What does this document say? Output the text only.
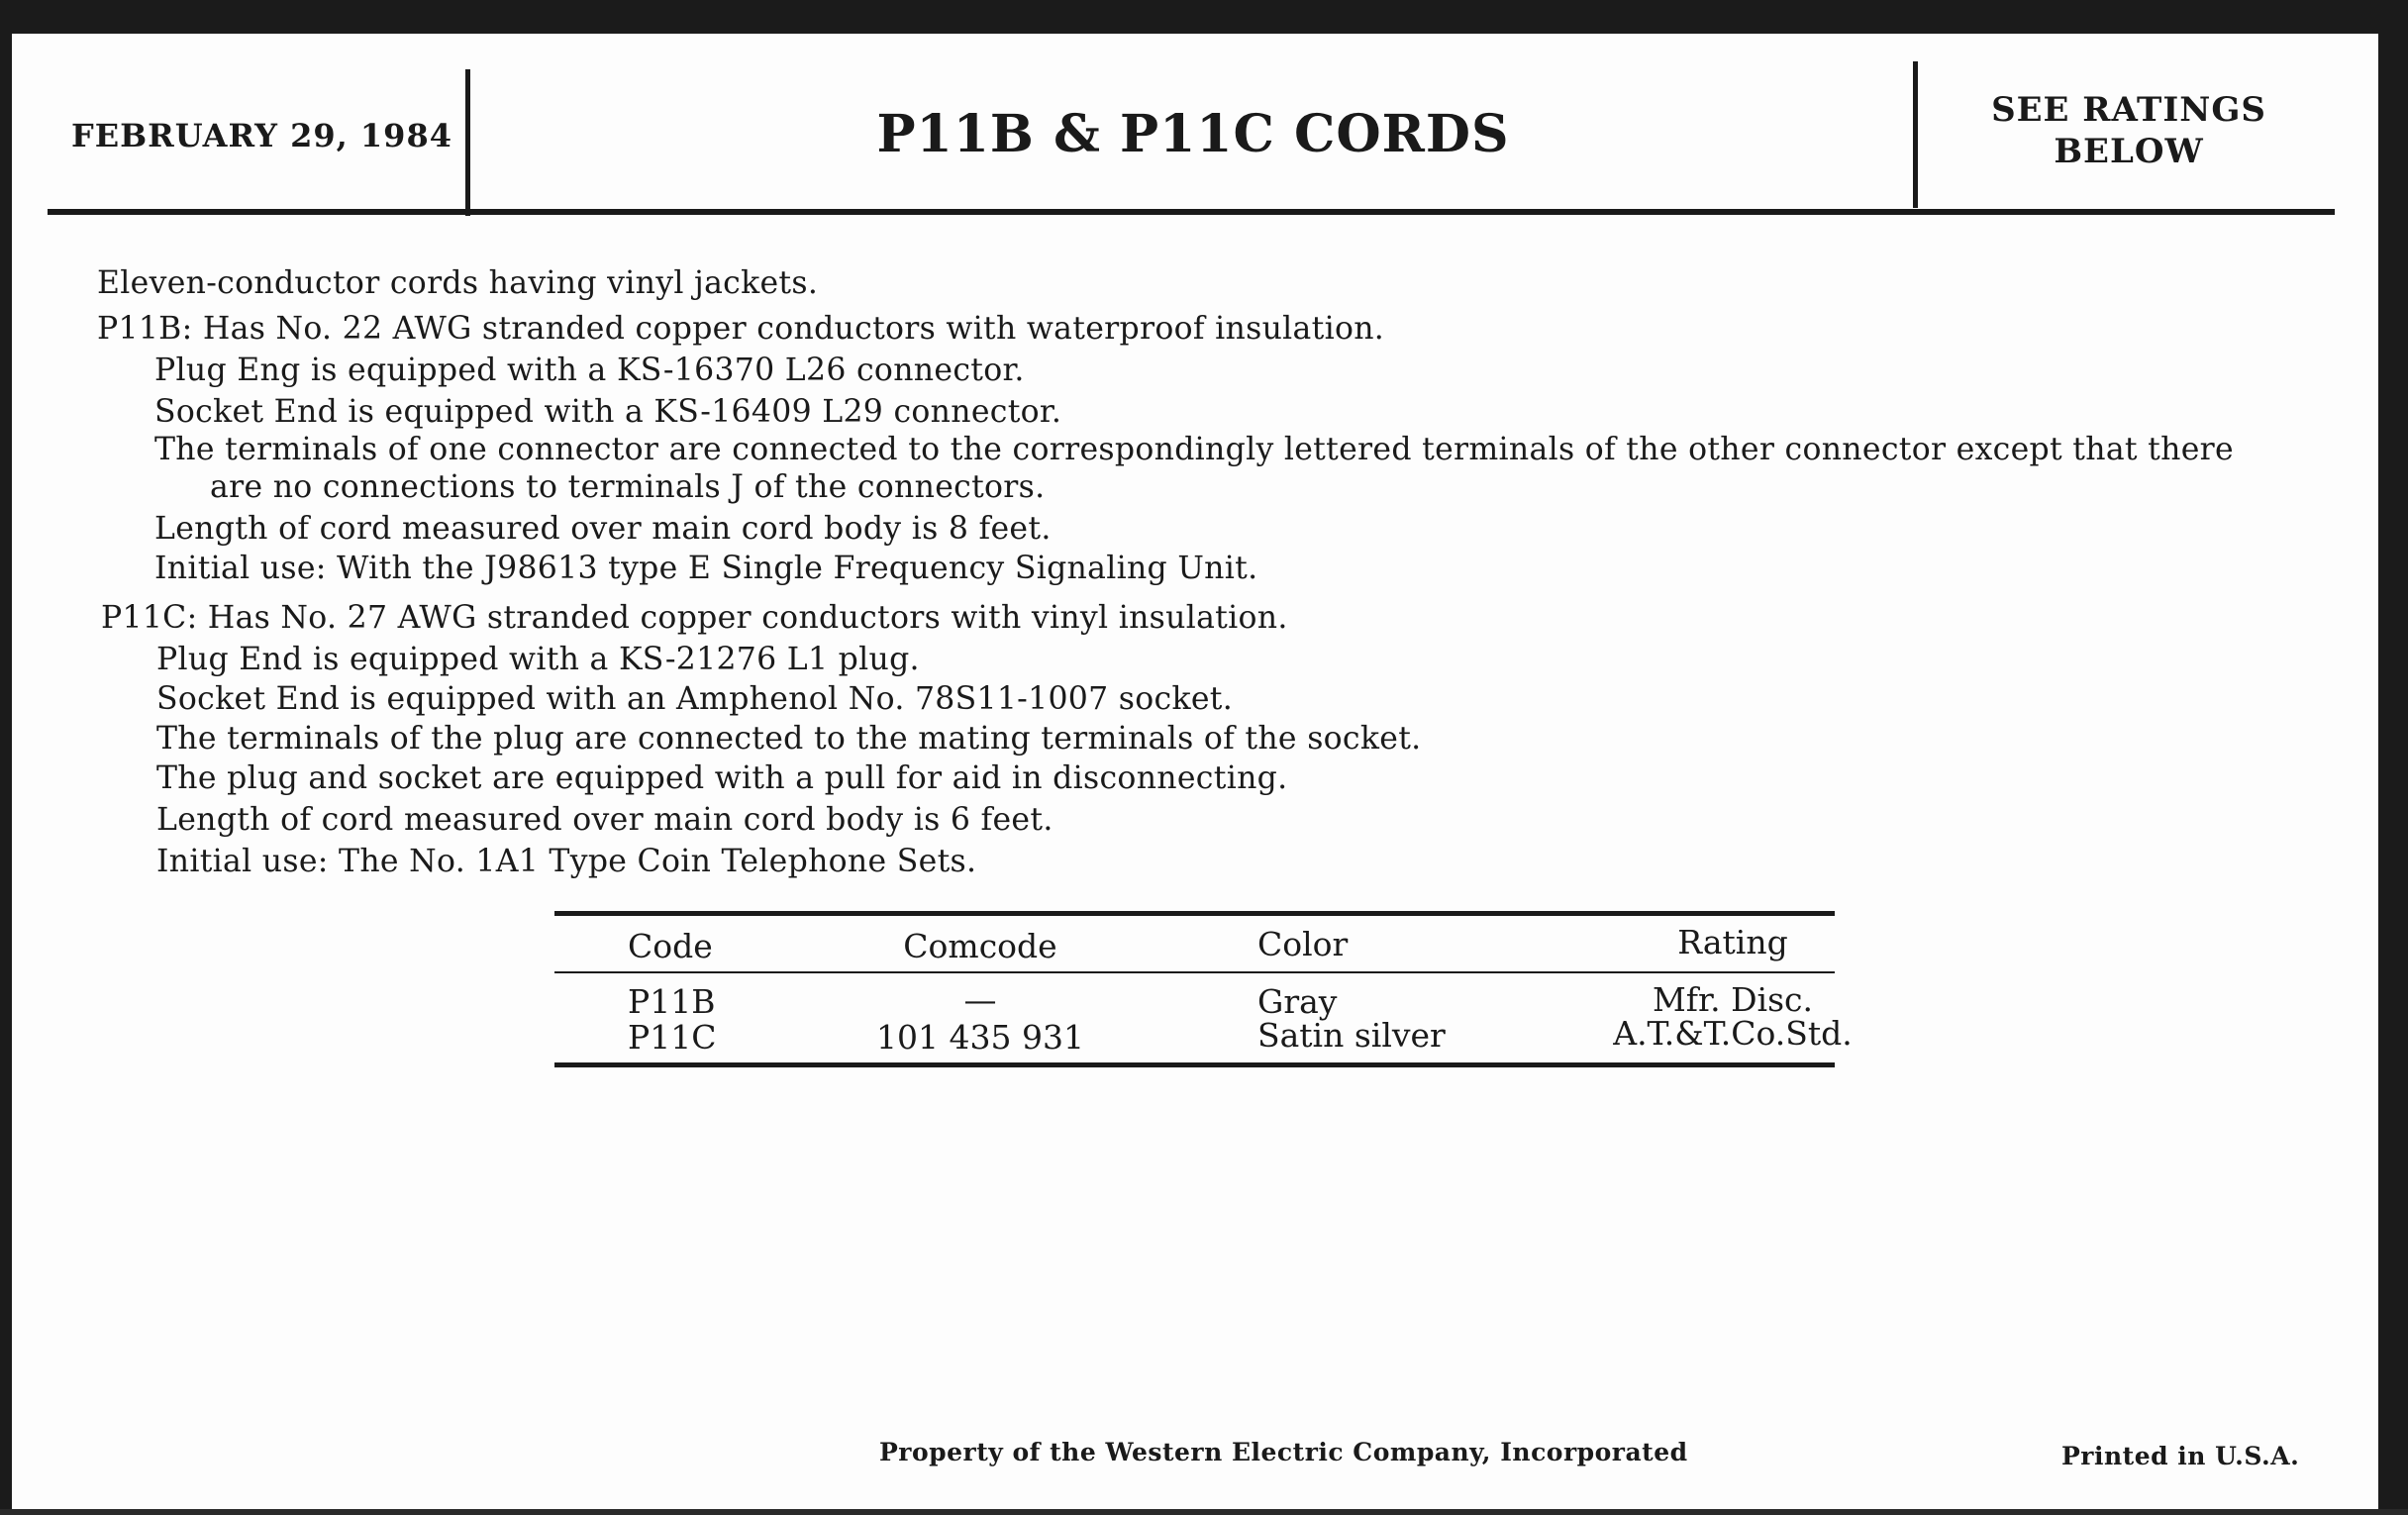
FEBRUARY 29, 1984	P11B & P11C CORDS	SEE RATINGS
BELOW
Eleven-conductor cords having vinyl jackets.
P11B: Has No. 22 AWG stranded copper conductors with waterproof insulation.
Plug Eng is equipped with a KS-16370 L26 connector.
Socket End is equipped with a KS-16409 L29 connector.
The terminals of one connector are connected to the correspondingly lettered terminals of the other connector except that there
are no connections to terminals J of the connectors.
Length of cord measured over main cord body is 8 feet.
Initial use: With the J98613 type E Single Frequency Signaling Unit.
P11C: Has No. 27 AWG stranded copper conductors with vinyl insulation.
Plug End is equipped with a KS-21276 L1 plug.
Socket End is equipped with an Amphenol No. 78S11-1007 socket.
The terminals of the plug are connected to the mating terminals of the socket.
The plug and socket are equipped with a pull for aid in disconnecting.
Length of cord measured over main cord body is 6 feet.
Initial use: The No. 1A1 Type Coin Telephone Sets.
Code	Comcode	Color	Rating
P11B	—	Gray	Mfr. Disc.
P11C	101 435 931	Satin silver	A.T.&T.Co.Std.
Property of the Western Electric Company, Incorporated	Printed in U.S.A.
